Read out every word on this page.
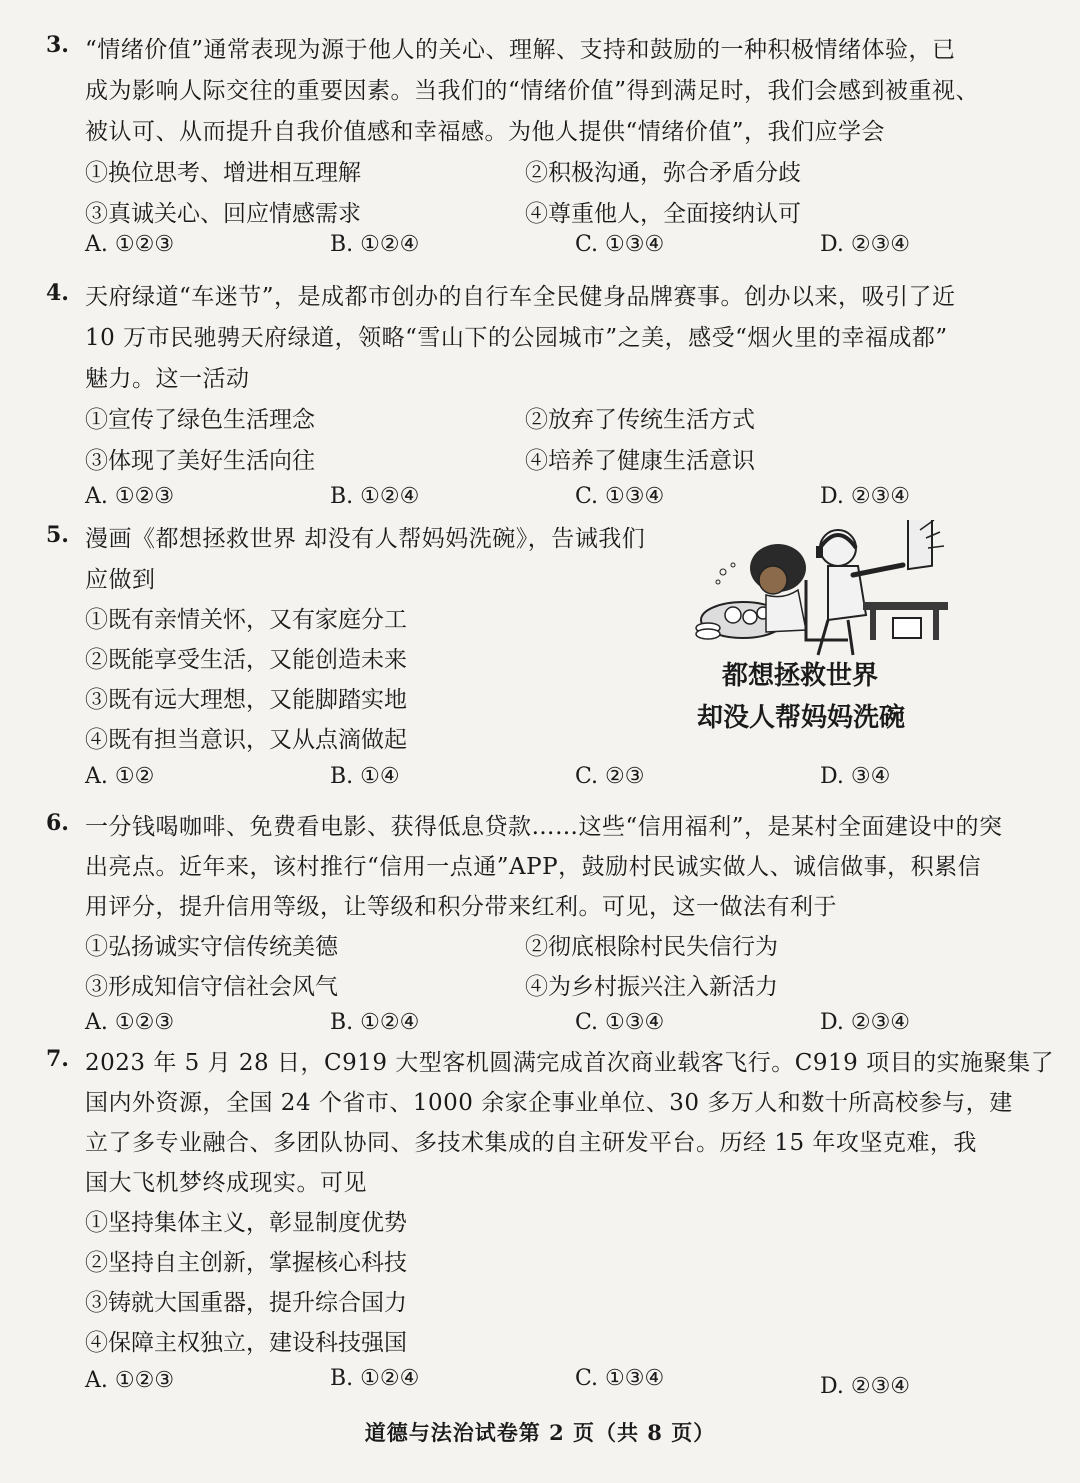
3. “情绪价值”通常表现为源于他人的关心、理解、支持和鼓励的一种积极情绪体验，已
成为影响人际交往的重要因素。当我们的“情绪价值”得到满足时，我们会感到被重视、
被认可、从而提升自我价值感和幸福感。为他人提供“情绪价值”，我们应学会
①换位思考、增进相互理解	②积极沟通，弥合矛盾分歧
③真诚关心、回应情感需求	④尊重他人，全面接纳认可
A. ①②③	B. ①②④	C. ①③④	D. ②③④
4. 天府绿道“车迷节”，是成都市创办的自行车全民健身品牌赛事。创办以来，吸引了近
10 万市民驰骋天府绿道，领略“雪山下的公园城市”之美，感受“烟火里的幸福成都”
魅力。这一活动
①宣传了绿色生活理念	②放弃了传统生活方式
③体现了美好生活向往	④培养了健康生活意识
A. ①②③	B. ①②④	C. ①③④	D. ②③④
5. 漫画《都想拯救世界 却没有人帮妈妈洗碗》，告诫我们
应做到
①既有亲情关怀，又有家庭分工
②既能享受生活，又能创造未来
③既有远大理想，又能脚踏实地
④既有担当意识，又从点滴做起
A. ①②	B. ①④	C. ②③	D. ③④
都想拯救世界
却没人帮妈妈洗碗
6. 一分钱喝咖啡、免费看电影、获得低息贷款……这些“信用福利”，是某村全面建设中的突
出亮点。近年来，该村推行“信用一点通”APP，鼓励村民诚实做人、诚信做事，积累信
用评分，提升信用等级，让等级和积分带来红利。可见，这一做法有利于
①弘扬诚实守信传统美德	②彻底根除村民失信行为
③形成知信守信社会风气	④为乡村振兴注入新活力
A. ①②③	B. ①②④	C. ①③④	D. ②③④
7. 2023 年 5 月 28 日，C919 大型客机圆满完成首次商业载客飞行。C919 项目的实施聚集了
国内外资源，全国 24 个省市、1000 余家企事业单位、30 多万人和数十所高校参与，建
立了多专业融合、多团队协同、多技术集成的自主研发平台。历经 15 年攻坚克难，我
国大飞机梦终成现实。可见
①坚持集体主义，彰显制度优势
②坚持自主创新，掌握核心科技
③铸就大国重器，提升综合国力
④保障主权独立，建设科技强国
A. ①②③	B. ①②④	C. ①③④	D. ②③④
道德与法治试卷第 2 页（共 8 页）
